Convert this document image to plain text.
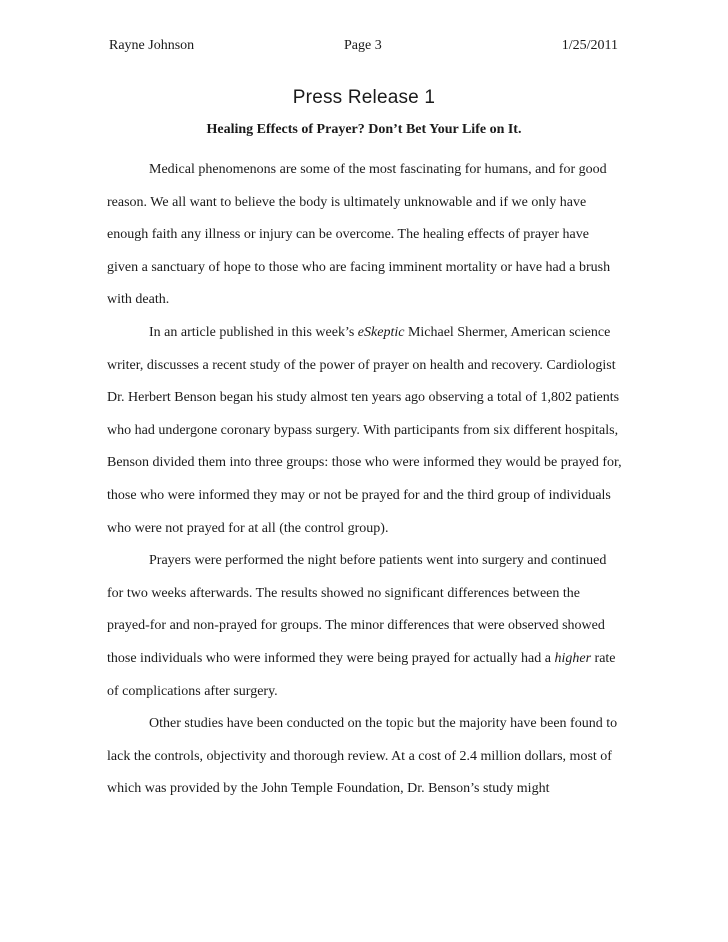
Rayne Johnson	Page 3	1/25/2011
Press Release 1
Healing Effects of Prayer? Don’t Bet Your Life on It.

Medical phenomenons are some of the most fascinating for humans, and for good reason. We all want to believe the body is ultimately unknowable and if we only have enough faith any illness or injury can be overcome. The healing effects of prayer have given a sanctuary of hope to those who are facing imminent mortality or have had a brush with death.

In an article published in this week’s eSkeptic Michael Shermer, American science writer, discusses a recent study of the power of prayer on health and recovery. Cardiologist Dr. Herbert Benson began his study almost ten years ago observing a total of 1,802 patients who had undergone coronary bypass surgery. With participants from six different hospitals, Benson divided them into three groups: those who were informed they would be prayed for, those who were informed they may or not be prayed for and the third group of individuals who were not prayed for at all (the control group).

Prayers were performed the night before patients went into surgery and continued for two weeks afterwards. The results showed no significant differences between the prayed-for and non-prayed for groups. The minor differences that were observed showed those individuals who were informed they were being prayed for actually had a higher rate of complications after surgery.

Other studies have been conducted on the topic but the majority have been found to lack the controls, objectivity and thorough review. At a cost of 2.4 million dollars, most of which was provided by the John Temple Foundation, Dr. Benson’s study might
